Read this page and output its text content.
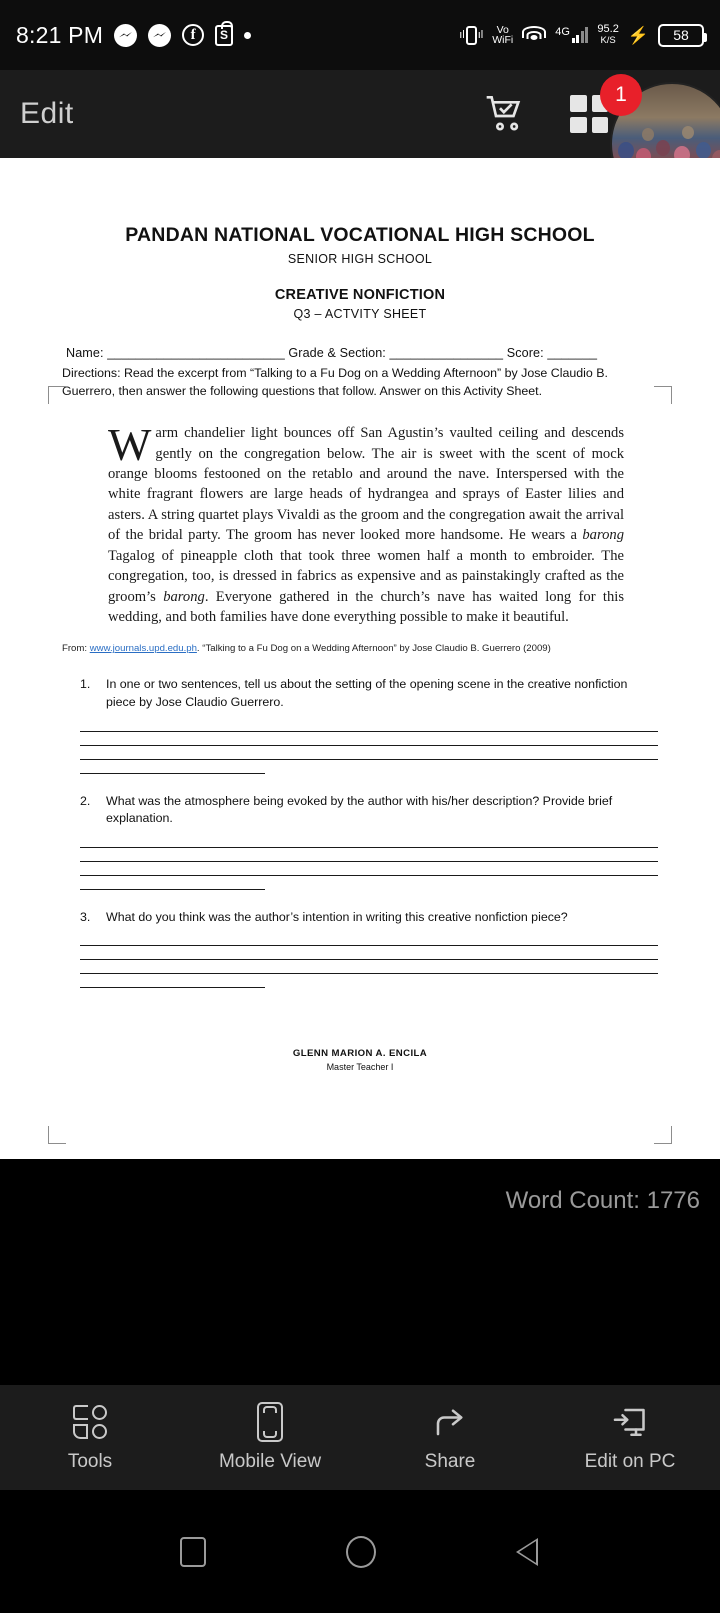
8:21 PM	f	S	ıl ıl	Vo
WiFi
4G	95.2
K/S ⚡ 58
Edit
1
PANDAN NATIONAL VOCATIONAL HIGH SCHOOL
SENIOR HIGH SCHOOL
CREATIVE NONFICTION
Q3 – ACTVITY SHEET
Name: _________________________ Grade & Section: ________________ Score: _______
Directions: Read the excerpt from “Talking to a Fu Dog on a Wedding Afternoon” by Jose Claudio B. Guerrero, then answer the following questions that follow. Answer on this Activity Sheet.
Warm chandelier light bounces off San Agustin’s vaulted ceiling and descends gently on the congregation below. The air is sweet with the scent of mock orange blooms festooned on the retablo and around the nave. Interspersed with the white fragrant flowers are large heads of hydrangea and sprays of Easter lilies and asters. A string quartet plays Vivaldi as the groom and the congregation await the arrival of the bridal party. The groom has never looked more handsome. He wears a barong Tagalog of pineapple cloth that took three women half a month to embroider. The congregation, too, is dressed in fabrics as expensive and as painstakingly crafted as the groom’s barong. Everyone gathered in the church’s nave has waited long for this wedding, and both families have done everything possible to make it beautiful.
From: www.journals.upd.edu.ph. “Talking to a Fu Dog on a Wedding Afternoon” by Jose Claudio B. Guerrero (2009)
1. In one or two sentences, tell us about the setting of the opening scene in the creative nonfiction piece by Jose Claudio Guerrero.
2. What was the atmosphere being evoked by the author with his/her description? Provide brief explanation.
3. What do you think was the author’s intention in writing this creative nonfiction piece?
GLENN MARION A. ENCILA
Master Teacher I
Word Count: 1776
Tools	Mobile View	Share	Edit on PC
